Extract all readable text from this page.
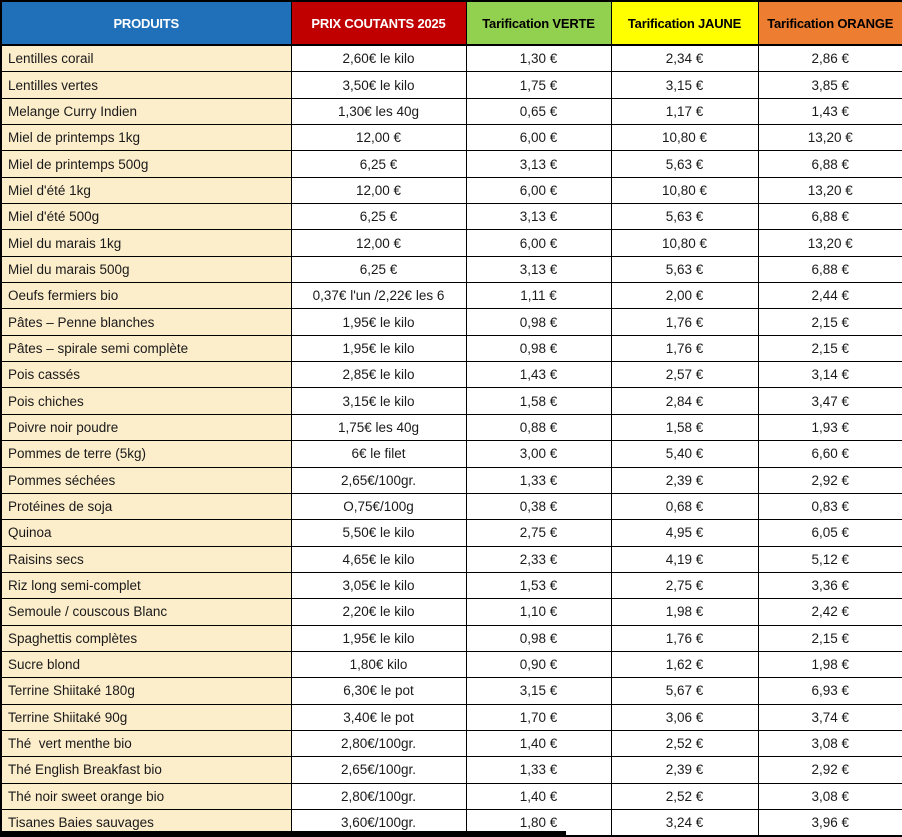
PRODUITS	PRIX COUTANTS 2025	Tarification VERTE	Tarification JAUNE	Tarification ORANGE
Lentilles corail	2,60€ le kilo	1,30 €	2,34 €	2,86 €
Lentilles vertes	3,50€ le kilo	1,75 €	3,15 €	3,85 €
Melange Curry Indien	1,30€ les 40g	0,65 €	1,17 €	1,43 €
Miel de printemps 1kg	12,00 €	6,00 €	10,80 €	13,20 €
Miel de printemps 500g	6,25 €	3,13 €	5,63 €	6,88 €
Miel d'été 1kg	12,00 €	6,00 €	10,80 €	13,20 €
Miel d'été 500g	6,25 €	3,13 €	5,63 €	6,88 €
Miel du marais 1kg	12,00 €	6,00 €	10,80 €	13,20 €
Miel du marais 500g	6,25 €	3,13 €	5,63 €	6,88 €
Oeufs fermiers bio	0,37€ l'un /2,22€ les 6	1,11 €	2,00 €	2,44 €
Pâtes – Penne blanches	1,95€ le kilo	0,98 €	1,76 €	2,15 €
Pâtes – spirale semi complète	1,95€ le kilo	0,98 €	1,76 €	2,15 €
Pois cassés	2,85€ le kilo	1,43 €	2,57 €	3,14 €
Pois chiches	3,15€ le kilo	1,58 €	2,84 €	3,47 €
Poivre noir poudre	1,75€ les 40g	0,88 €	1,58 €	1,93 €
Pommes de terre (5kg)	6€ le filet	3,00 €	5,40 €	6,60 €
Pommes séchées	2,65€/100gr.	1,33 €	2,39 €	2,92 €
Protéines de soja	O,75€/100g	0,38 €	0,68 €	0,83 €
Quinoa	5,50€ le kilo	2,75 €	4,95 €	6,05 €
Raisins secs	4,65€ le kilo	2,33 €	4,19 €	5,12 €
Riz long semi-complet	3,05€ le kilo	1,53 €	2,75 €	3,36 €
Semoule / couscous Blanc	2,20€ le kilo	1,10 €	1,98 €	2,42 €
Spaghettis complètes	1,95€ le kilo	0,98 €	1,76 €	2,15 €
Sucre blond	1,80€ kilo	0,90 €	1,62 €	1,98 €
Terrine Shiitaké 180g	6,30€ le pot	3,15 €	5,67 €	6,93 €
Terrine Shiitaké 90g	3,40€ le pot	1,70 €	3,06 €	3,74 €
Thé  vert menthe bio	2,80€/100gr.	1,40 €	2,52 €	3,08 €
Thé English Breakfast bio	2,65€/100gr.	1,33 €	2,39 €	2,92 €
Thé noir sweet orange bio	2,80€/100gr.	1,40 €	2,52 €	3,08 €
Tisanes Baies sauvages	3,60€/100gr.	1,80 €	3,24 €	3,96 €
